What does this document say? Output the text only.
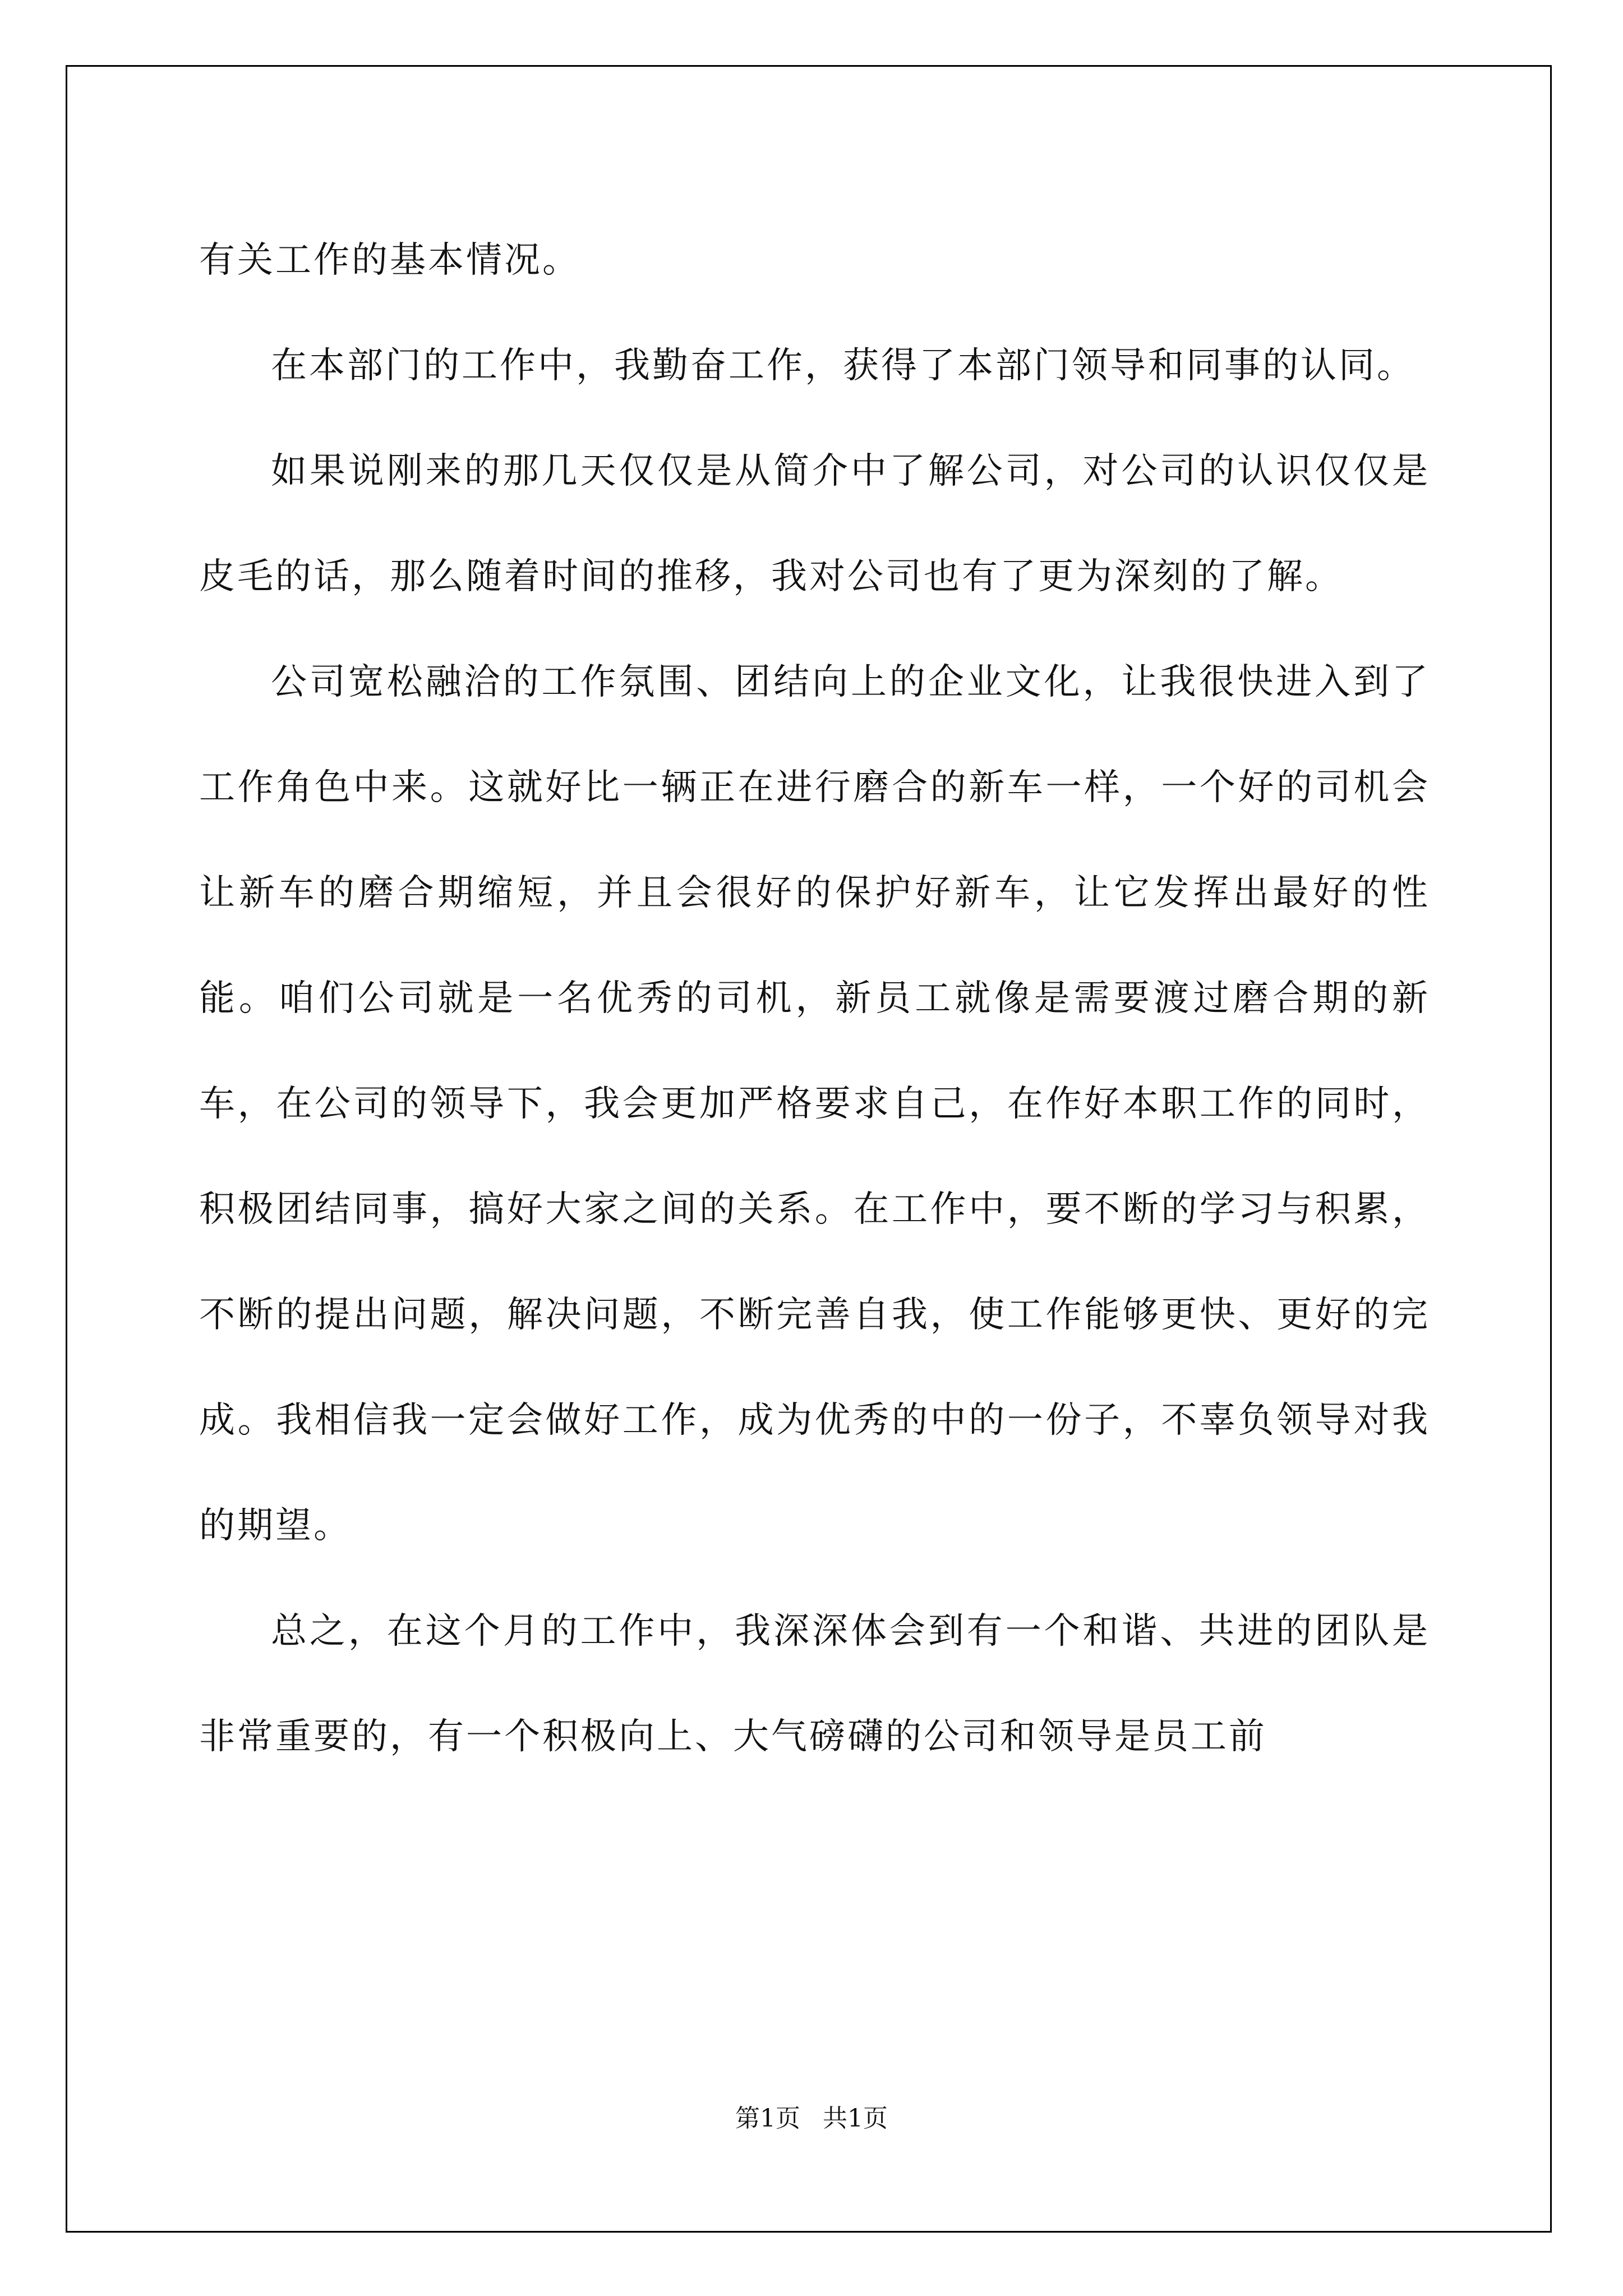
有关工作的基本情况。

在本部门的工作中，我勤奋工作，获得了本部门领导和同事的认同。

如果说刚来的那几天仅仅是从简介中了解公司，对公司的认识仅仅是皮毛的话，那么随着时间的推移，我对公司也有了更为深刻的了解。

公司宽松融洽的工作氛围、团结向上的企业文化，让我很快进入到了工作角色中来。这就好比一辆正在进行磨合的新车一样，一个好的司机会让新车的磨合期缩短，并且会很好的保护好新车，让它发挥出最好的性能。咱们公司就是一名优秀的司机，新员工就像是需要渡过磨合期的新车，在公司的领导下，我会更加严格要求自己，在作好本职工作的同时，积极团结同事，搞好大家之间的关系。在工作中，要不断的学习与积累，不断的提出问题，解决问题，不断完善自我，使工作能够更快、更好的完成。我相信我一定会做好工作，成为优秀的中的一份子，不辜负领导对我的期望。

总之，在这个月的工作中，我深深体会到有一个和谐、共进的团队是非常重要的，有一个积极向上、大气磅礴的公司和领导是员工前

第1页 共1页
